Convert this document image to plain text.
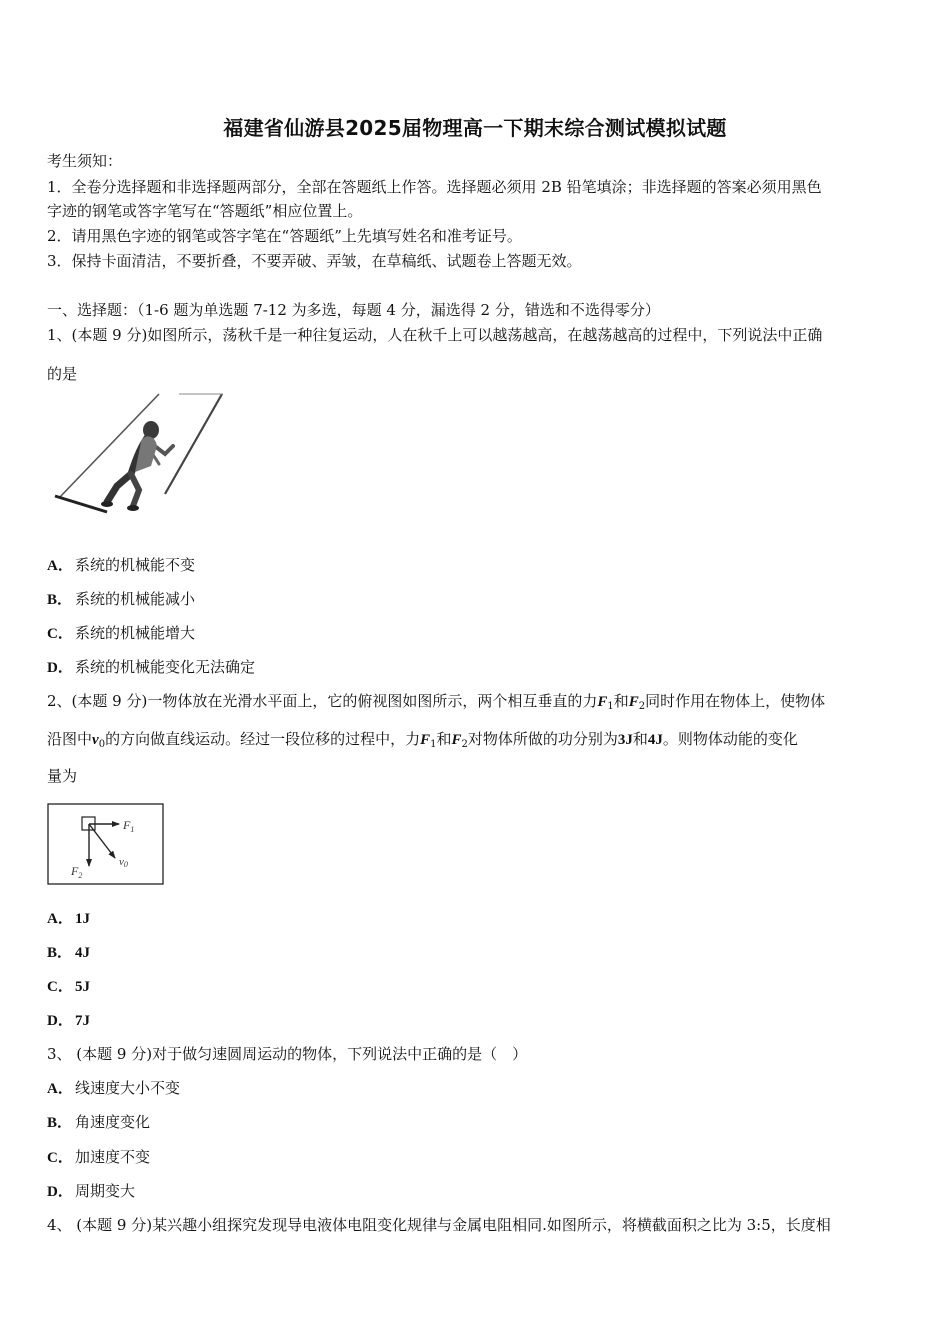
福建省仙游县2025届物理高一下期末综合测试模拟试题
考生须知：
1．全卷分选择题和非选择题两部分，全部在答题纸上作答。选择题必须用 2B 铅笔填涂；非选择题的答案必须用黑色
字迹的钢笔或答字笔写在“答题纸”相应位置上。
2．请用黑色字迹的钢笔或答字笔在“答题纸”上先填写姓名和准考证号。
3．保持卡面清洁，不要折叠，不要弄破、弄皱，在草稿纸、试题卷上答题无效。
一、选择题：（1-6 题为单选题 7-12 为多选，每题 4 分，漏选得 2 分，错选和不选得零分）
1、(本题 9 分)如图所示，荡秋千是一种往复运动，人在秋千上可以越荡越高，在越荡越高的过程中，下列说法中正确
的是
A． 系统的机械能不变
B． 系统的机械能减小
C． 系统的机械能增大
D． 系统的机械能变化无法确定
2、(本题 9 分)一物体放在光滑水平面上，它的俯视图如图所示，两个相互垂直的力$F_1$和$F_2$同时作用在物体上，使物体
沿图中$v_0$的方向做直线运动。经过一段位移的过程中，力$F_1$和$F_2$对物体所做的功分别为3J和4J。则物体动能的变化
量为
$F_1$
$F_2$
v0
A． 1J
B． 4J
C． 5J
D． 7J
3、 (本题 9 分)对于做匀速圆周运动的物体，下列说法中正确的是（　）
A． 线速度大小不变
B． 角速度变化
C． 加速度不变
D． 周期变大
4、 (本题 9 分)某兴趣小组探究发现导电液体电阻变化规律与金属电阻相同.如图所示，将横截面积之比为 3:5，长度相
